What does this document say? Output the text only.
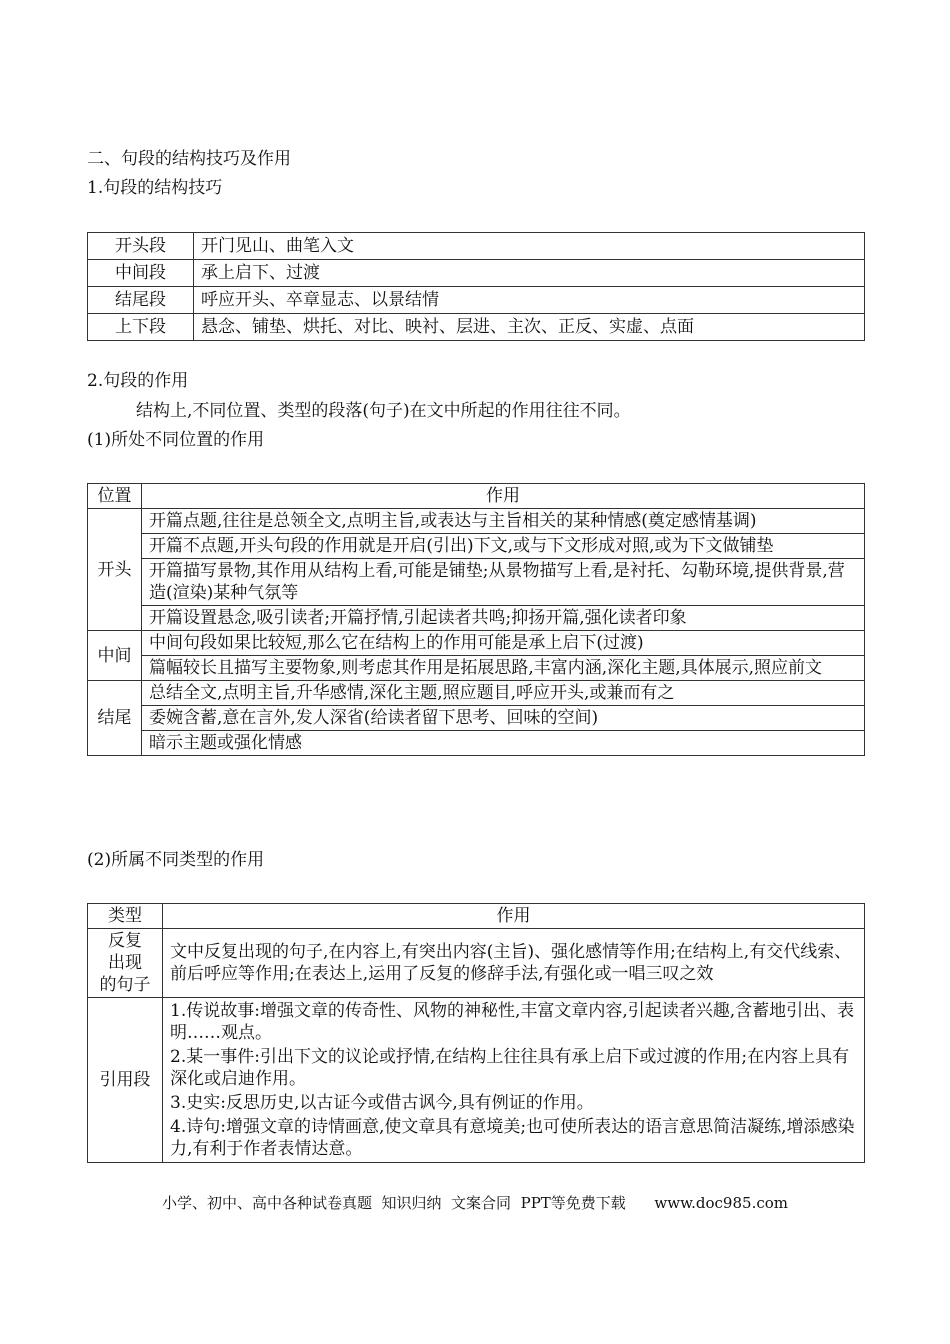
二、句段的结构技巧及作用
1.句段的结构技巧
开头段	开门见山、曲笔入文
中间段	承上启下、过渡
结尾段	呼应开头、卒章显志、以景结情
上下段	悬念、铺垫、烘托、对比、映衬、层进、主次、正反、实虚、点面
2.句段的作用
结构上,不同位置、类型的段落(句子)在文中所起的作用往往不同。
(1)所处不同位置的作用
位置	作用
开头	开篇点题,往往是总领全文,点明主旨,或表达与主旨相关的某种情感(奠定感情基调)
	开篇不点题,开头句段的作用就是开启(引出)下文,或与下文形成对照,或为下文做铺垫
	开篇描写景物,其作用从结构上看,可能是铺垫;从景物描写上看,是衬托、勾勒环境,提供背景,营造(渲染)某种气氛等
	开篇设置悬念,吸引读者;开篇抒情,引起读者共鸣;抑扬开篇,强化读者印象
中间	中间句段如果比较短,那么它在结构上的作用可能是承上启下(过渡)
	篇幅较长且描写主要物象,则考虑其作用是拓展思路,丰富内涵,深化主题,具体展示,照应前文
结尾	总结全文,点明主旨,升华感情,深化主题,照应题目,呼应开头,或兼而有之
	委婉含蓄,意在言外,发人深省(给读者留下思考、回味的空间)
	暗示主题或强化情感
(2)所属不同类型的作用
类型	作用

反复
出现
的句子	文中反复出现的句子,在内容上,有突出内容(主旨)、强化感情等作用;在结构上,有交代线索、前后呼应等作用;在表达上,运用了反复的修辞手法,有强化或一唱三叹之效
引用段	1.传说故事:增强文章的传奇性、风物的神秘性,丰富文章内容,引起读者兴趣,含蓄地引出、表明……观点。

2.某一事件:引出下文的议论或抒情,在结构上往往具有承上启下或过渡的作用;在内容上具有深化或启迪作用。

3.史实:反思历史,以古证今或借古讽今,具有例证的作用。

4.诗句:增强文章的诗情画意,使文章具有意境美;也可使所表达的语言意思简洁凝练,增添感染力,有利于作者表情达意。

小学、初中、高中各种试卷真题  知识归纳  文案合同  PPT等免费下载      www.doc985.com
